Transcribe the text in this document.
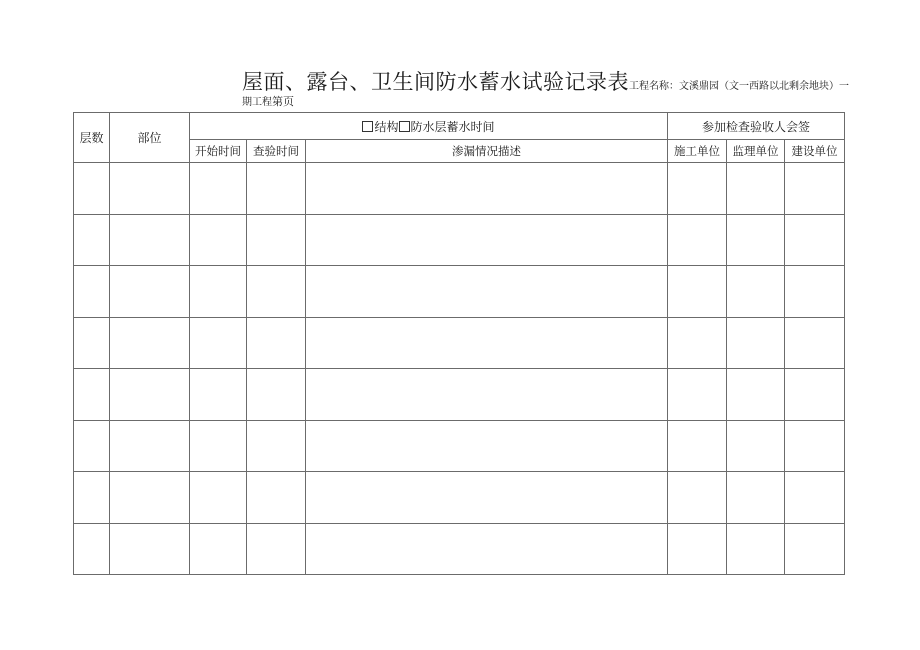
屋面、露台、卫生间防水蓄水试验记录表工程名称：文溪鼎园（文一西路以北剩余地块）一
期工程第页
层数	部位	结构 防水层蓄水时间			参加检查验收人会签		
		开始时间	查验时间	渗漏情况描述	施工单位	监理单位	建设单位
